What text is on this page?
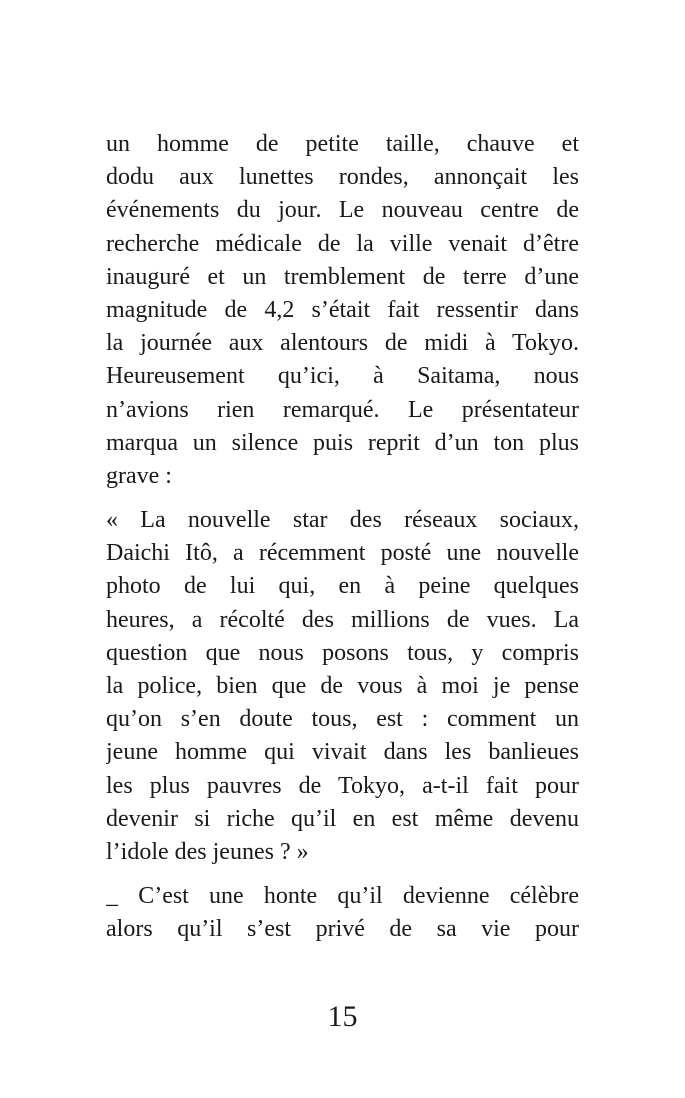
un homme de petite taille, chauve et
dodu aux lunettes rondes, annonçait les
événements du jour. Le nouveau centre de
recherche médicale de la ville venait d’être
inauguré et un tremblement de terre d’une
magnitude de 4,2 s’était fait ressentir dans
la journée aux alentours de midi à Tokyo.
Heureusement qu’ici, à Saitama, nous
n’avions rien remarqué. Le présentateur
marqua un silence puis reprit d’un ton plus
grave :
« La nouvelle star des réseaux sociaux,
Daichi Itô, a récemment posté une nouvelle
photo de lui qui, en à peine quelques
heures, a récolté des millions de vues. La
question que nous posons tous, y compris
la police, bien que de vous à moi je pense
qu’on s’en doute tous, est : comment un
jeune homme qui vivait dans les banlieues
les plus pauvres de Tokyo, a-t-il fait pour
devenir si riche qu’il en est même devenu
l’idole des jeunes ? »
_ C’est une honte qu’il devienne célèbre
alors qu’il s’est privé de sa vie pour
15
